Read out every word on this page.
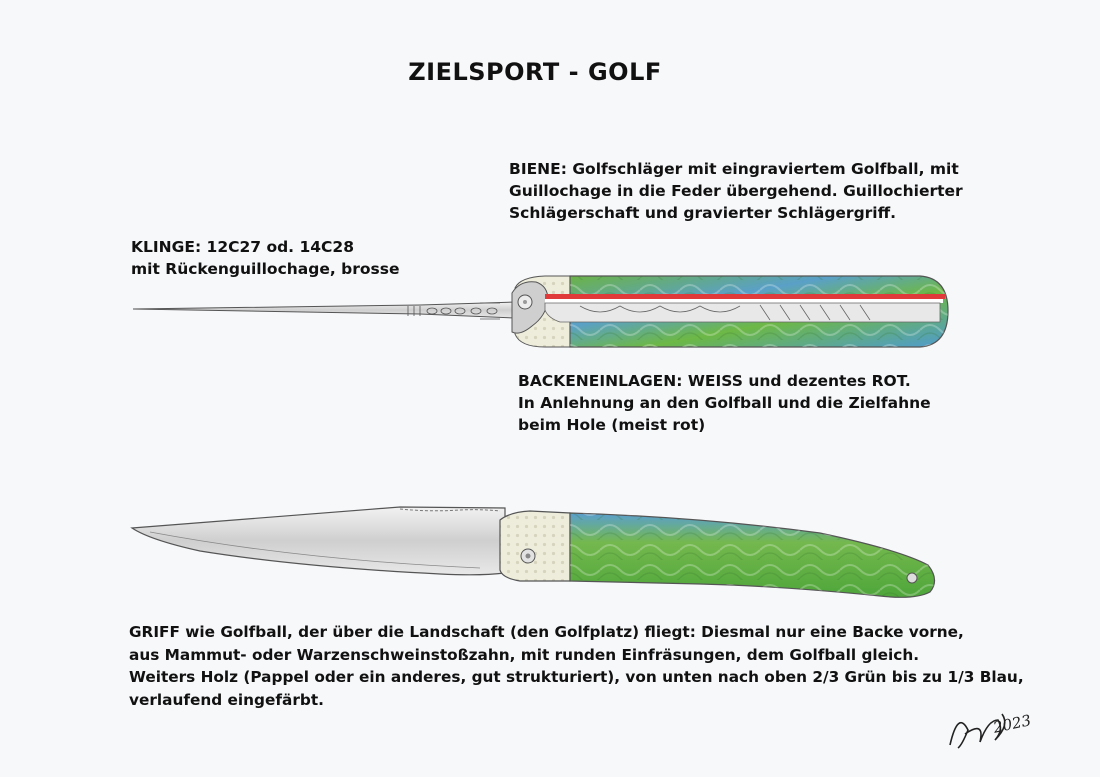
ZIELSPORT - GOLF
KLINGE: 12C27 od. 14C28
mit Rückenguillochage, brosse
BIENE: Golfschläger mit eingraviertem Golfball, mit
Guillochage in die Feder übergehend. Guillochierter
Schlägerschaft und gravierter Schlägergriff.
BACKENEINLAGEN: WEISS und dezentes ROT.
In Anlehnung an den Golfball und die Zielfahne
beim Hole (meist rot)
GRIFF wie Golfball, der über die Landschaft (den Golfplatz) fliegt: Diesmal nur eine Backe vorne,
aus Mammut- oder Warzenschweinstoßzahn, mit runden Einfräsungen, dem Golfball gleich.
Weiters Holz (Pappel oder ein anderes, gut strukturiert), von unten nach oben 2/3 Grün bis zu 1/3 Blau,
verlaufend eingefärbt.
2023
